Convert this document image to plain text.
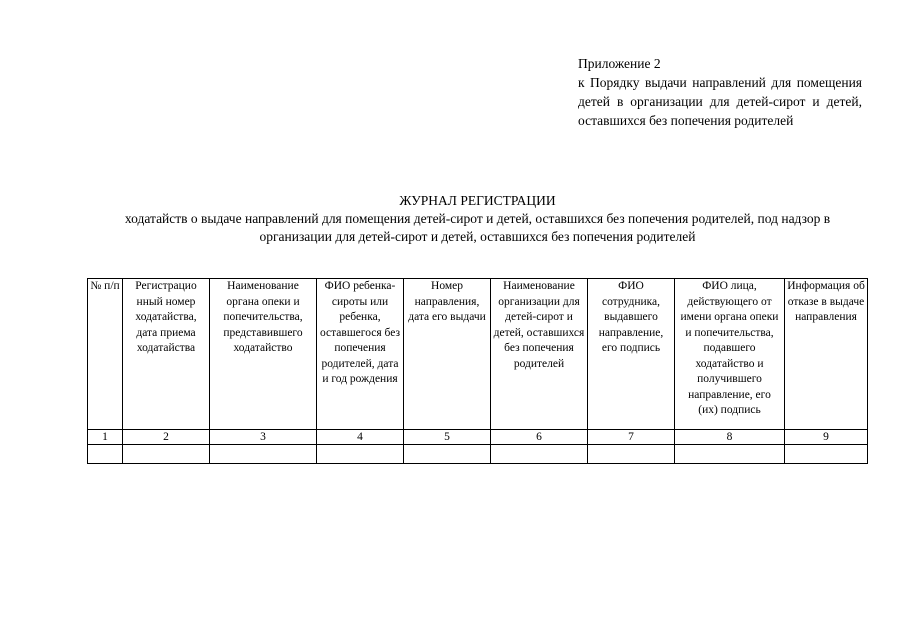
Приложение 2
к Порядку выдачи направлений для помещения детей в организации для детей-сирот и детей, оставшихся без попечения родителей
ЖУРНАЛ РЕГИСТРАЦИИ
ходатайств о выдаче направлений для помещения детей-сирот и детей, оставшихся без попечения родителей, под надзор в организации для детей-сирот и детей, оставшихся без попечения родителей
№ п/п	Регистрацио нный номер ходатайства, дата приема ходатайства	Наименование органа опеки и попечительства, представившего ходатайство	ФИО ребенка-сироты или ребенка, оставшегося без попечения родителей, дата и год рождения	Номер направления, дата его выдачи	Наименование организации для детей-сирот и детей, оставшихся без попечения родителей	ФИО сотрудника, выдавшего направление, его подпись	ФИО лица, действующего от имени органа опеки и попечительства, подавшего ходатайство и получившего направление, его (их) подпись	Информация об отказе в выдаче направления
1	2	3	4	5	6	7	8	9
